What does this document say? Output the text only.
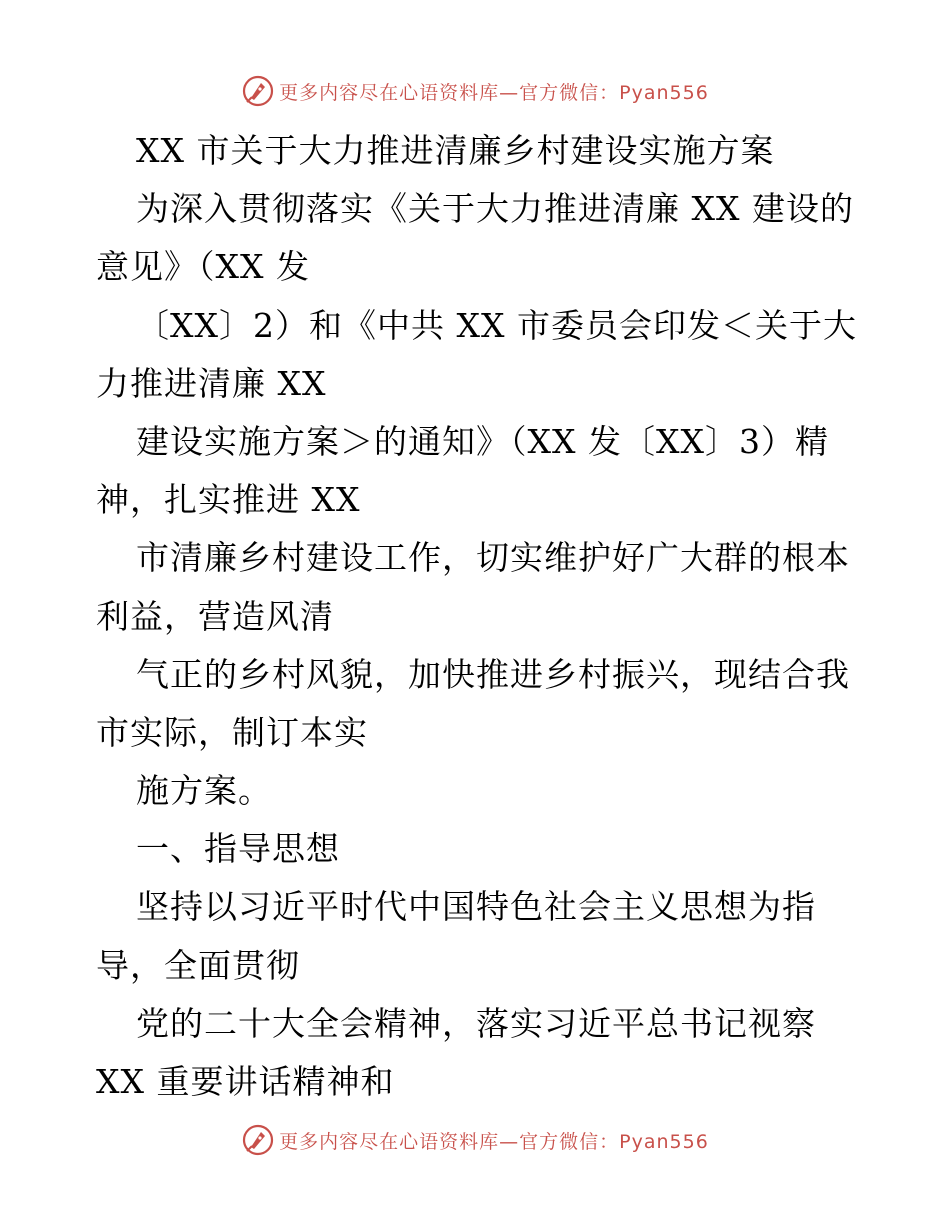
更多内容尽在心语资料库—官方微信：Pyan556
XX 市关于大力推进清廉乡村建设实施方案
为深入贯彻落实《关于大力推进清廉 XX 建设的
意见》（XX 发
〔XX〕2）和《中共 XX 市委员会印发＜关于大
力推进清廉 XX
建设实施方案＞的通知》（XX 发〔XX〕3）精
神，扎实推进 XX
市清廉乡村建设工作，切实维护好广大群的根本
利益，营造风清
气正的乡村风貌，加快推进乡村振兴，现结合我
市实际，制订本实
施方案。
一、指导思想
坚持以习近平时代中国特色社会主义思想为指
导，全面贯彻
党的二十大全会精神，落实习近平总书记视察
XX 重要讲话精神和
更多内容尽在心语资料库—官方微信：Pyan556
